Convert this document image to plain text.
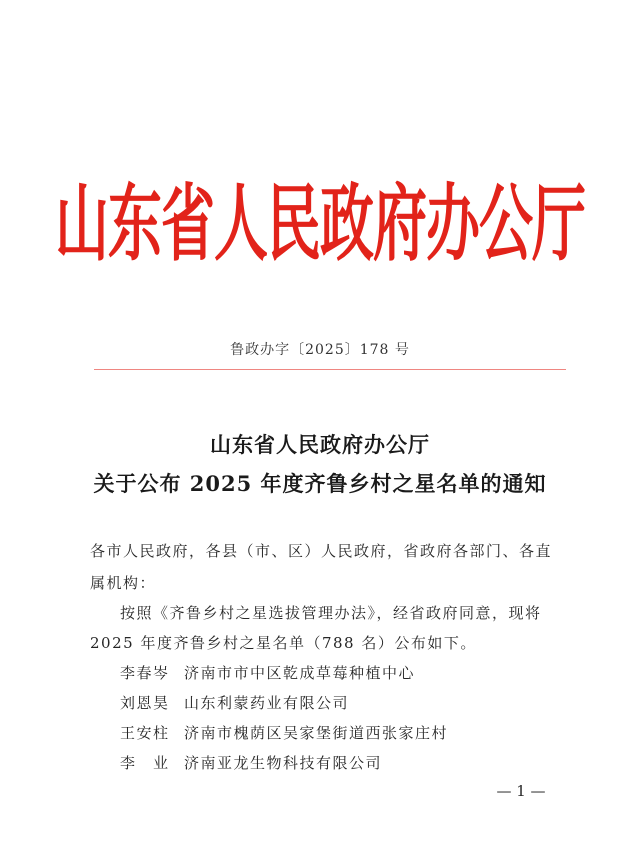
山东省人民政府办公厅
鲁政办字〔2025〕178 号
山东省人民政府办公厅
关于公布 2025 年度齐鲁乡村之星名单的通知
各市人民政府，各县（市、区）人民政府，省政府各部门、各直
属机构：
按照《齐鲁乡村之星选拔管理办法》，经省政府同意，现将
2025 年度齐鲁乡村之星名单（788 名）公布如下。
李春岑 济南市市中区乾成草莓种植中心
刘恩昊 山东利蒙药业有限公司
王安柱 济南市槐荫区吴家堡街道西张家庄村
李　业 济南亚龙生物科技有限公司
— 1 —
